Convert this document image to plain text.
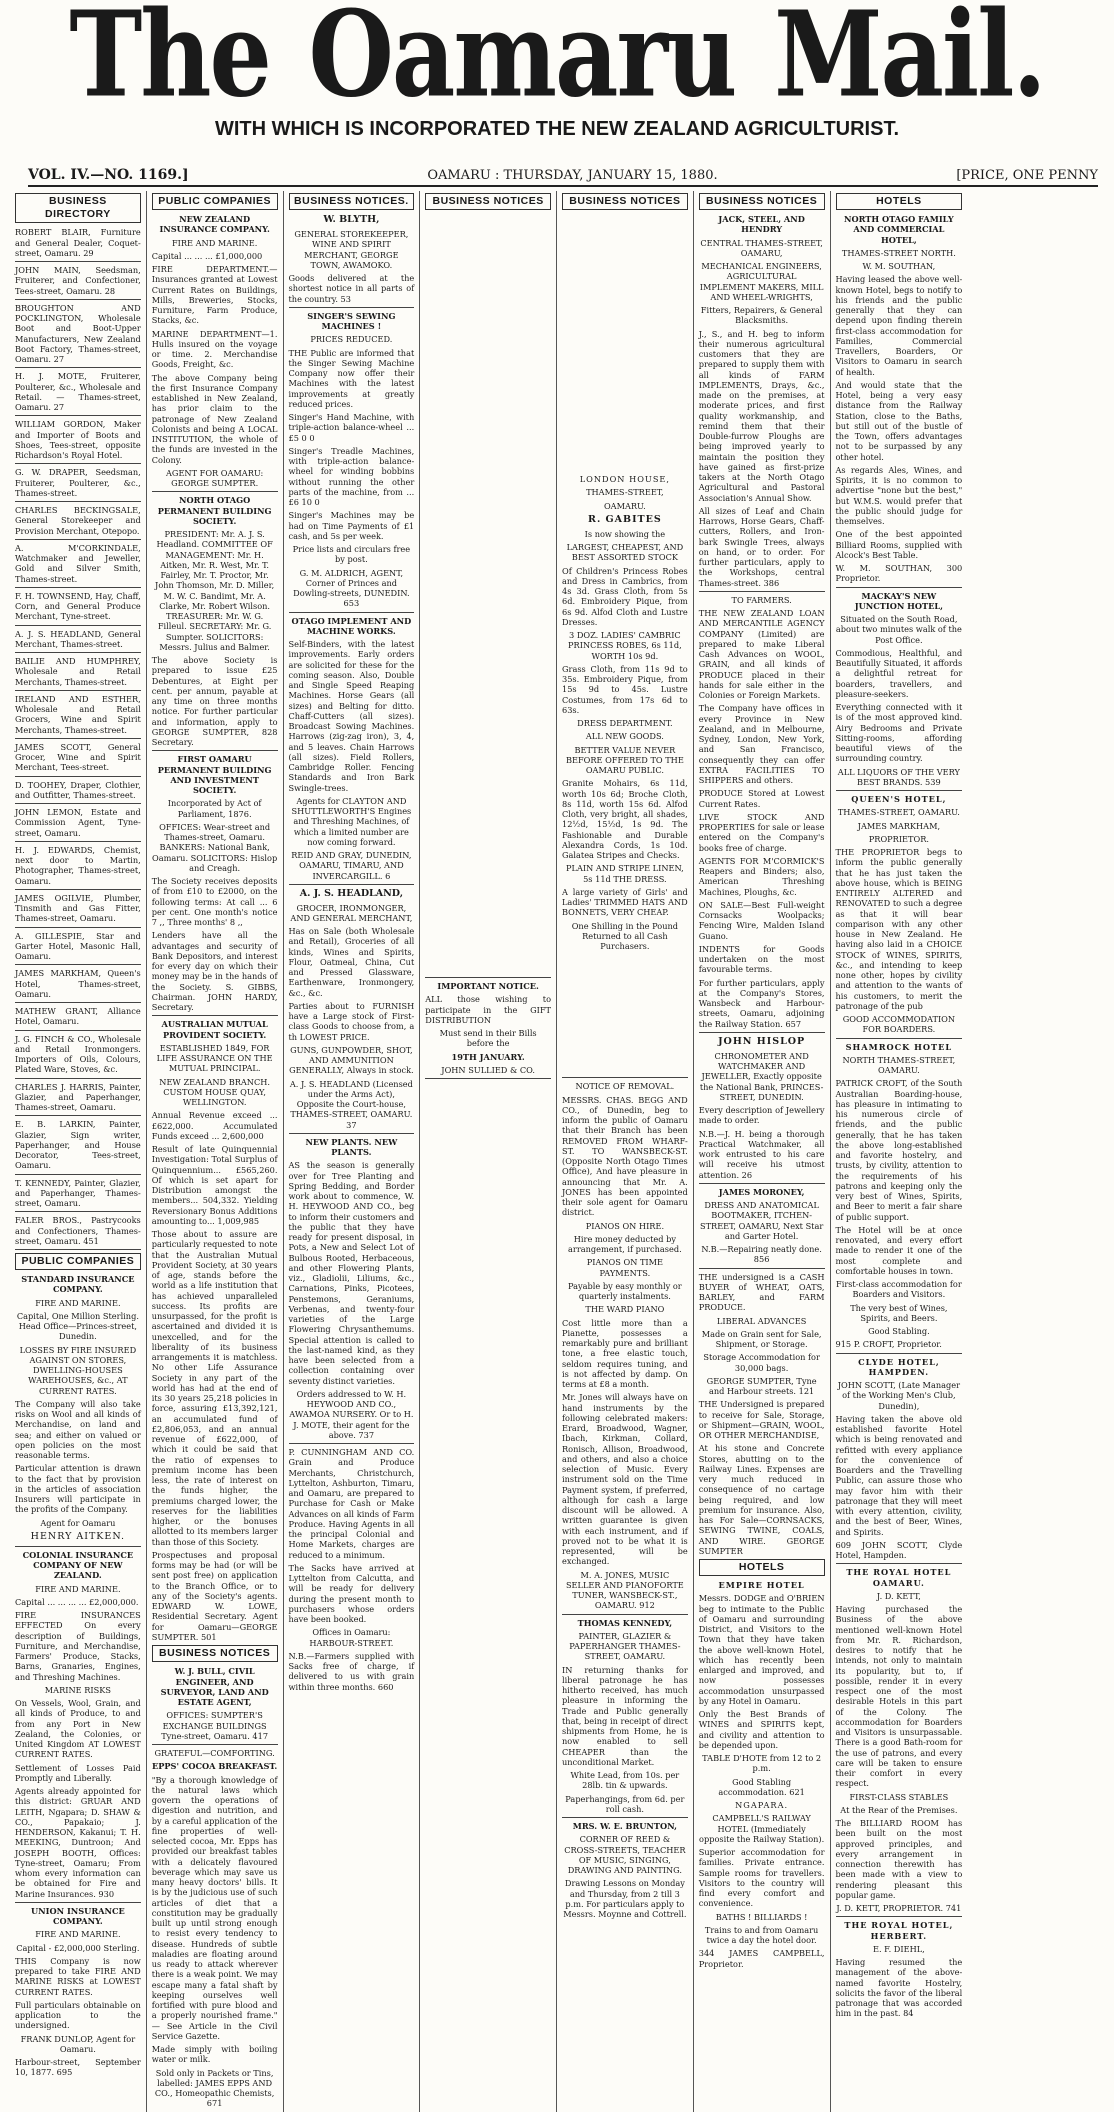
The Oamaru Mail.
WITH WHICH IS INCORPORATED THE NEW ZEALAND AGRICULTURIST.
VOL. IV.—NO. 1169.]	OAMARU : THURSDAY, JANUARY 15, 1880.	[PRICE, ONE PENNY
BUSINESS DIRECTORY
ROBERT BLAIR, Furniture and General Dealer, Coquet-street, Oamaru. 29
JOHN MAIN, Seedsman, Fruiterer, and Confectioner, Tees-street, Oamaru. 28
BROUGHTON AND POCKLINGTON, Wholesale Boot and Boot-Upper Manufacturers, New Zealand Boot Factory, Thames-street, Oamaru. 27
H. J. MOTE, Fruiterer, Poulterer, &c., Wholesale and Retail. — Thames-street, Oamaru. 27
WILLIAM GORDON, Maker and Importer of Boots and Shoes, Tees-street, opposite Richardson's Royal Hotel.
G. W. DRAPER, Seedsman, Fruiterer, Poulterer, &c., Thames-street.
CHARLES BECKINGSALE, General Storekeeper and Provision Merchant, Otepopo.
A. M'CORKINDALE, Watchmaker and Jeweller, Gold and Silver Smith, Thames-street.
F. H. TOWNSEND, Hay, Chaff, Corn, and General Produce Merchant, Tyne-street.
A. J. S. HEADLAND, General Merchant, Thames-street.
BAILIE AND HUMPHREY, Wholesale and Retail Merchants, Thames-street.
IRELAND AND ESTHER, Wholesale and Retail Grocers, Wine and Spirit Merchants, Thames-street.
JAMES SCOTT, General Grocer, Wine and Spirit Merchant, Tees-street.
D. TOOHEY, Draper, Clothier, and Outfitter, Thames-street.
JOHN LEMON, Estate and Commission Agent, Tyne-street, Oamaru.
H. J. EDWARDS, Chemist, next door to Martin, Photographer, Thames-street, Oamaru.
JAMES OGILVIE, Plumber, Tinsmith and Gas Fitter, Thames-street, Oamaru.
A. GILLESPIE, Star and Garter Hotel, Masonic Hall, Oamaru.
JAMES MARKHAM, Queen's Hotel, Thames-street, Oamaru.
MATHEW GRANT, Alliance Hotel, Oamaru.
J. G. FINCH & CO., Wholesale and Retail Ironmongers. Importers of Oils, Colours, Plated Ware, Stoves, &c.
CHARLES J. HARRIS, Painter, Glazier, and Paperhanger, Thames-street, Oamaru.
E. B. LARKIN, Painter, Glazier, Sign writer, Paperhanger, and House Decorator, Tees-street, Oamaru.
T. KENNEDY, Painter, Glazier, and Paperhanger, Thames-street, Oamaru.
FALER BROS., Pastrycooks and Confectioners, Thames-street, Oamaru. 451
PUBLIC COMPANIES
STANDARD INSURANCE COMPANY.
FIRE AND MARINE.
Capital, One Million Sterling. Head Office—Princes-street, Dunedin.
LOSSES BY FIRE INSURED AGAINST ON STORES, DWELLING-HOUSES WAREHOUSES, &c., AT CURRENT RATES.
The Company will also take risks on Wool and all kinds of Merchandise, on land and sea; and either on valued or open policies on the most reasonable terms.
Particular attention is drawn to the fact that by provision in the articles of association Insurers will participate in the profits of the Company.
Agent for Oamaru
HENRY AITKEN.
COLONIAL INSURANCE COMPANY OF NEW ZEALAND.
FIRE AND MARINE.
Capital ... ... ... ... £2,000,000.
FIRE INSURANCES EFFECTED On every description of Buildings, Furniture, and Merchandise, Farmers' Produce, Stacks, Barns, Granaries, Engines, and Threshing Machines.
MARINE RISKS
On Vessels, Wool, Grain, and all kinds of Produce, to and from any Port in New Zealand, the Colonies, or United Kingdom AT LOWEST CURRENT RATES.
Settlement of Losses Paid Promptly and Liberally.
Agents already appointed for this district: GRUAR AND LEITH, Ngapara; D. SHAW & CO., Papakaio; J. HENDERSON, Kakanui; T. H. MEEKING, Duntroon; And JOSEPH BOOTH, Offices: Tyne-street, Oamaru; From whom every information can be obtained for Fire and Marine Insurances. 930
UNION INSURANCE COMPANY.
FIRE AND MARINE.
Capital - £2,000,000 Sterling.
THIS Company is now prepared to take FIRE AND MARINE RISKS at LOWEST CURRENT RATES.
Full particulars obtainable on application to the undersigned.
FRANK DUNLOP, Agent for Oamaru.
Harbour-street, September 10, 1877. 695
PUBLIC COMPANIES
NEW ZEALAND INSURANCE COMPANY.
FIRE AND MARINE.
Capital ... ... ... £1,000,000
FIRE DEPARTMENT.—Insurances granted at Lowest Current Rates on Buildings, Mills, Breweries, Stocks, Furniture, Farm Produce, Stacks, &c.
MARINE DEPARTMENT—1. Hulls insured on the voyage or time. 2. Merchandise Goods, Freight, &c.
The above Company being the first Insurance Company established in New Zealand, has prior claim to the patronage of New Zealand Colonists and being A LOCAL INSTITUTION, the whole of the funds are invested in the Colony.
AGENT FOR OAMARU: GEORGE SUMPTER.
NORTH OTAGO PERMANENT BUILDING SOCIETY.
PRESIDENT: Mr. A. J. S. Headland. COMMITTEE OF MANAGEMENT: Mr. H. Aitken, Mr. R. West, Mr. T. Fairley, Mr. T. Proctor, Mr. John Thomson, Mr. D. Miller, M. W. C. Bandimt, Mr. A. Clarke, Mr. Robert Wilson. TREASURER: Mr. W. G. Filleul. SECRETARY: Mr. G. Sumpter. SOLICITORS: Messrs. Julius and Balmer.
The above Society is prepared to issue £25 Debentures, at Eight per cent. per annum, payable at any time on three months notice. For further particular and information, apply to GEORGE SUMPTER, 828 Secretary.
FIRST OAMARU PERMANENT BUILDING AND INVESTMENT SOCIETY.
Incorporated by Act of Parliament, 1876.
OFFICES: Wear-street and Thames-street, Oamaru. BANKERS: National Bank, Oamaru. SOLICITORS: Hislop and Creagh.
The Society receives deposits of from £10 to £2000, on the following terms: At call ... 6 per cent. One month's notice 7 ,, Three months' 8 ,,
Lenders have all the advantages and security of Bank Depositors, and interest for every day on which their money may be in the hands of the Society. S. GIBBS, Chairman. JOHN HARDY, Secretary.
AUSTRALIAN MUTUAL PROVIDENT SOCIETY.
ESTABLISHED 1849, FOR LIFE ASSURANCE ON THE MUTUAL PRINCIPAL.
NEW ZEALAND BRANCH. CUSTOM HOUSE QUAY, WELLINGTON.
Annual Revenue exceed ... £622,000. Accumulated Funds exceed ... 2,600,000
Result of late Quinquennial Investigation: Total Surplus of Quinquennium... £565,260. Of which is set apart for Distribution amongst the members... 504,332. Yielding Reversionary Bonus Additions amounting to... 1,009,985
Those about to assure are particularly requested to note that the Australian Mutual Provident Society, at 30 years of age, stands before the world as a life institution that has achieved unparalleled success. Its profits are unsurpassed, for the profit is ascertained and divided it is unexcelled, and for the liberality of its business arrangements it is matchless. No other Life Assurance Society in any part of the world has had at the end of its 30 years 25,218 policies in force, assuring £13,392,121, an accumulated fund of £2,806,053, and an annual revenue of £622,000, of which it could be said that the ratio of expenses to premium income has been less, the rate of interest on the funds higher, the premiums charged lower, the reserves for the liabilities higher, or the bonuses allotted to its members larger than those of this Society.
Prospectuses and proposal forms may be had (or will be sent post free) on application to the Branch Office, or to any of the Society's agents. EDWARD W. LOWE, Residential Secretary. Agent for Oamaru—GEORGE SUMPTER. 501
BUSINESS NOTICES
W. J. BULL, CIVIL ENGINEER, AND SURVEYOR, LAND AND ESTATE AGENT,
OFFICES: SUMPTER'S EXCHANGE BUILDINGS Tyne-street, Oamaru. 417
GRATEFUL—COMFORTING.
EPPS' COCOA BREAKFAST.
"By a thorough knowledge of the natural laws which govern the operations of digestion and nutrition, and by a careful application of the fine properties of well-selected cocoa, Mr. Epps has provided our breakfast tables with a delicately flavoured beverage which may save us many heavy doctors' bills. It is by the judicious use of such articles of diet that a constitution may be gradually built up until strong enough to resist every tendency to disease. Hundreds of subtle maladies are floating around us ready to attack wherever there is a weak point. We may escape many a fatal shaft by keeping ourselves well fortified with pure blood and a properly nourished frame." — See Article in the Civil Service Gazette.
Made simply with boiling water or milk.
Sold only in Packets or Tins, labelled: JAMES EPPS AND CO., Homeopathic Chemists, 671
BUSINESS NOTICES.
W. BLYTH,
GENERAL STOREKEEPER, WINE AND SPIRIT MERCHANT, GEORGE TOWN, AWAMOKO.
Goods delivered at the shortest notice in all parts of the country. 53
SINGER'S SEWING MACHINES !
PRICES REDUCED.
THE Public are informed that the Singer Sewing Machine Company now offer their Machines with the latest improvements at greatly reduced prices.
Singer's Hand Machine, with triple-action balance-wheel ... £5 0 0
Singer's Treadle Machines, with triple-action balance-wheel for winding bobbins without running the other parts of the machine, from ... £6 10 0
Singer's Machines may be had on Time Payments of £1 cash, and 5s per week.
Price lists and circulars free by post.
G. M. ALDRICH, AGENT, Corner of Princes and Dowling-streets, DUNEDIN. 653
OTAGO IMPLEMENT AND MACHINE WORKS.
Self-Binders, with the latest improvements. Early orders are solicited for these for the coming season. Also, Double and Single Speed Reaping Machines. Horse Gears (all sizes) and Belting for ditto. Chaff-Cutters (all sizes). Broadcast Sowing Machines. Harrows (zig-zag iron), 3, 4, and 5 leaves. Chain Harrows (all sizes). Field Rollers, Cambridge Roller. Fencing Standards and Iron Bark Swingle-trees.
Agents for CLAYTON AND SHUTTLEWORTH'S Engines and Threshing Machines, of which a limited number are now coming forward.
REID AND GRAY, DUNEDIN, OAMARU, TIMARU, AND INVERCARGILL. 6
A. J. S. HEADLAND,
GROCER, IRONMONGER, AND GENERAL MERCHANT,
Has on Sale (both Wholesale and Retail), Groceries of all kinds, Wines and Spirits, Flour, Oatmeal, China, Cut and Pressed Glassware, Earthenware, Ironmongery, &c., &c.
Parties about to FURNISH have a Large stock of First-class Goods to choose from, a th LOWEST PRICE.
GUNS, GUNPOWDER, SHOT, AND AMMUNITION GENERALLY, Always in stock.
A. J. S. HEADLAND (Licensed under the Arms Act), Opposite the Court-house, THAMES-STREET, OAMARU. 37
NEW PLANTS. NEW PLANTS.
AS the season is generally over for Tree Planting and Spring Bedding, and Border work about to commence, W. H. HEYWOOD AND CO., beg to inform their customers and the public that they have ready for present disposal, in Pots, a New and Select Lot of Bulbous Rooted, Herbaceous, and other Flowering Plants, viz., Gladiolii, Liliums, &c., Carnations, Pinks, Picotees, Penstemons, Geraniums, Verbenas, and twenty-four varieties of the Large Flowering Chrysanthemums. Special attention is called to the last-named kind, as they have been selected from a collection containing over seventy distinct varieties.
Orders addressed to W. H. HEYWOOD AND CO., AWAMOA NURSERY. Or to H. J. MOTE, their agent for the above. 737
P. CUNNINGHAM AND CO. Grain and Produce Merchants, Christchurch, Lyttelton, Ashburton, Timaru, and Oamaru, are prepared to Purchase for Cash or Make Advances on all kinds of Farm Produce. Having Agents in all the principal Colonial and Home Markets, charges are reduced to a minimum.
The Sacks have arrived at Lyttelton from Calcutta, and will be ready for delivery during the present month to purchasers whose orders have been booked.
Offices in Oamaru: HARBOUR-STREET.
N.B.—Farmers supplied with Sacks free of charge, if delivered to us with grain within three months. 660
BUSINESS NOTICES
IMPORTANT NOTICE.
ALL those wishing to participate in the GIFT DISTRIBUTION
Must send in their Bills before the
19TH JANUARY.
JOHN SULLIED & CO.
BUSINESS NOTICES
LONDON HOUSE,
THAMES-STREET,
OAMARU.
R. GABITES
Is now showing the
LARGEST, CHEAPEST, AND BEST ASSORTED STOCK
Of Children's Princess Robes and Dress in Cambrics, from 4s 3d. Grass Cloth, from 5s 6d. Embroidery Pique, from 6s 9d. Alfod Cloth and Lustre Dresses.
3 DOZ. LADIES' CAMBRIC PRINCESS ROBES, 6s 11d, WORTH 10s 9d.
Grass Cloth, from 11s 9d to 35s. Embroidery Pique, from 15s 9d to 45s. Lustre Costumes, from 17s 6d to 63s.
DRESS DEPARTMENT.
ALL NEW GOODS.
BETTER VALUE NEVER BEFORE OFFERED TO THE OAMARU PUBLIC.
Granite Mohairs, 6s 11d, worth 10s 6d; Broche Cloth, 8s 11d, worth 15s 6d. Alfod Cloth, very bright, all shades, 12½d, 15½d, 1s 9d. The Fashionable and Durable Alexandra Cords, 1s 10d. Galatea Stripes and Checks.
PLAIN AND STRIPE LINEN, 5s 11d THE DRESS.
A large variety of Girls' and Ladies' TRIMMED HATS AND BONNETS, VERY CHEAP.
One Shilling in the Pound Returned to all Cash Purchasers.
NOTICE OF REMOVAL.
MESSRS. CHAS. BEGG AND CO., of Dunedin, beg to inform the public of Oamaru that their Branch has been REMOVED FROM WHARF-ST. TO WANSBECK-ST. (Opposite North Otago Times Office), And have pleasure in announcing that Mr. A. JONES has been appointed their sole agent for Oamaru district.
PIANOS ON HIRE.
Hire money deducted by arrangement, if purchased.
PIANOS ON TIME PAYMENTS.
Payable by easy monthly or quarterly instalments.
THE WARD PIANO
Cost little more than a Pianette, possesses a remarkably pure and brilliant tone, a free elastic touch, seldom requires tuning, and is not affected by damp. On terms at £8 a month.
Mr. Jones will always have on hand instruments by the following celebrated makers: Erard, Broadwood, Wagner, Ibach, Kirkman, Collard, Ronisch, Allison, Broadwood, and others, and also a choice selection of Music. Every instrument sold on the Time Payment system, if preferred, although for cash a large discount will be allowed. A written guarantee is given with each instrument, and if proved not to be what it is represented, will be exchanged.
M. A. JONES, MUSIC SELLER AND PIANOFORTE TUNER, WANSBECK-ST., OAMARU. 912
THOMAS KENNEDY,
PAINTER, GLAZIER & PAPERHANGER THAMES-STREET, OAMARU.
IN returning thanks for liberal patronage he has hitherto received, has much pleasure in informing the Trade and Public generally that, being in receipt of direct shipments from Home, he is now enabled to sell CHEAPER than the unconditional Market.
White Lead, from 10s. per 28lb. tin & upwards.
Paperhangings, from 6d. per roll cash.
MRS. W. E. BRUNTON,
CORNER OF REED & CROSS-STREETS, TEACHER OF MUSIC, SINGING, DRAWING AND PAINTING.
Drawing Lessons on Monday and Thursday, from 2 till 3 p.m. For particulars apply to Messrs. Moynne and Cottrell.
BUSINESS NOTICES
JACK, STEEL, AND HENDRY
CENTRAL THAMES-STREET, OAMARU,
MECHANICAL ENGINEERS, AGRICULTURAL IMPLEMENT MAKERS, MILL AND WHEEL-WRIGHTS,
Fitters, Repairers, & General Blacksmiths.
J., S., and H. beg to inform their numerous agricultural customers that they are prepared to supply them with all kinds of FARM IMPLEMENTS, Drays, &c., made on the premises, at moderate prices, and first quality workmanship, and remind them that their Double-furrow Ploughs are being improved yearly to maintain the position they have gained as first-prize takers at the North Otago Agricultural and Pastoral Association's Annual Show.
All sizes of Leaf and Chain Harrows, Horse Gears, Chaff-cutters, Rollers, and Iron-bark Swingle Trees, always on hand, or to order. For further particulars, apply to the Workshops, central Thames-street. 386
TO FARMERS.
THE NEW ZEALAND LOAN AND MERCANTILE AGENCY COMPANY (Limited) are prepared to make Liberal Cash Advances on WOOL, GRAIN, and all kinds of PRODUCE placed in their hands for sale either in the Colonies or Foreign Markets.
The Company have offices in every Province in New Zealand, and in Melbourne, Sydney, London, New York, and San Francisco, consequently they can offer EXTRA FACILITIES TO SHIPPERS and others.
PRODUCE Stored at Lowest Current Rates.
LIVE STOCK AND PROPERTIES for sale or lease entered on the Company's books free of charge.
AGENTS FOR M'CORMICK'S Reapers and Binders; also, American Threshing Machines, Ploughs, &c.
ON SALE—Best Full-weight Cornsacks Woolpacks; Fencing Wire, Malden Island Guano.
INDENTS for Goods undertaken on the most favourable terms.
For further particulars, apply at the Company's Stores, Wansbeck and Harbour-streets, Oamaru, adjoining the Railway Station. 657
JOHN HISLOP
CHRONOMETER AND WATCHMAKER AND JEWELLER, Exactly opposite the National Bank, PRINCES-STREET, DUNEDIN.
Every description of Jewellery made to order.
N.B.—J. H. being a thorough Practical Watchmaker, all work entrusted to his care will receive his utmost attention. 26
JAMES MORONEY,
DRESS AND ANATOMICAL BOOTMAKER, ITCHEN-STREET, OAMARU, Next Star and Garter Hotel.
N.B.—Repairing neatly done. 856
THE undersigned is a CASH BUYER of WHEAT, OATS, BARLEY, and FARM PRODUCE.
LIBERAL ADVANCES
Made on Grain sent for Sale, Shipment, or Storage.
Storage Accommodation for 30,000 bags.
GEORGE SUMPTER, Tyne and Harbour streets. 121
THE Undersigned is prepared to receive for Sale, Storage, or Shipment—GRAIN, WOOL, OR OTHER MERCHANDISE,
At his stone and Concrete Stores, abutting on to the Railway Lines. Expenses are very much reduced in consequence of no cartage being required, and low premium for insurance. Also, has For Sale—CORNSACKS, SEWING TWINE, COALS, AND WIRE. GEORGE SUMPTER
HOTELS
EMPIRE HOTEL
Messrs. DODGE and O'BRIEN beg to intimate to the Public of Oamaru and surrounding District, and Visitors to the Town that they have taken the above well-known Hotel, which has recently been enlarged and improved, and now possesses accommodation unsurpassed by any Hotel in Oamaru.
Only the Best Brands of WINES and SPIRITS kept, and civility and attention to be depended upon.
TABLE D'HOTE from 12 to 2 p.m.
Good Stabling accommodation. 621
NGAPARA.
CAMPBELL'S RAILWAY HOTEL (Immediately opposite the Railway Station).
Superior accommodation for families. Private entrance. Sample rooms for travellers. Visitors to the country will find every comfort and convenience.
BATHS ! BILLIARDS !
Trains to and from Oamaru twice a day the hotel door.
344 JAMES CAMPBELL, Proprietor.
HOTELS
NORTH OTAGO FAMILY AND COMMERCIAL HOTEL,
THAMES-STREET NORTH.
W. M. SOUTHAN,
Having leased the above well-known Hotel, begs to notify to his friends and the public generally that they can depend upon finding therein first-class accommodation for Families, Commercial Travellers, Boarders, Or Visitors to Oamaru in search of health.
And would state that the Hotel, being a very easy distance from the Railway Station, close to the Baths, but still out of the bustle of the Town, offers advantages not to be surpassed by any other hotel.
As regards Ales, Wines, and Spirits, it is no common to advertise "none but the best," but W.M.S. would prefer that the public should judge for themselves.
One of the best appointed Billiard Rooms, supplied with Alcock's Best Table.
W. M. SOUTHAN, 300 Proprietor.
MACKAY'S NEW JUNCTION HOTEL,
Situated on the South Road, about two minutes walk of the Post Office.
Commodious, Healthful, and Beautifully Situated, it affords a delightful retreat for boarders, travellers, and pleasure-seekers.
Everything connected with it is of the most approved kind. Airy Bedrooms and Private Sitting-rooms, affording beautiful views of the surrounding country.
ALL LIQUORS OF THE VERY BEST BRANDS. 539
QUEEN'S HOTEL,
THAMES-STREET, OAMARU.
JAMES MARKHAM,
PROPRIETOR.
THE PROPRIETOR begs to inform the public generally that he has just taken the above house, which is BEING ENTIRELY ALTERED and RENOVATED to such a degree as that it will bear comparison with any other house in New Zealand. He having also laid in a CHOICE STOCK of WINES, SPIRITS, &c., and intending to keep none other, hopes by civility and attention to the wants of his customers, to merit the patronage of the pub
GOOD ACCOMMODATION FOR BOARDERS.
SHAMROCK HOTEL
NORTH THAMES-STREET, OAMARU.
PATRICK CROFT, of the South Australian Boarding-house, has pleasure in intimating to his numerous circle of friends, and the public generally, that he has taken the above long-established and favorite hostelry, and trusts, by civility, attention to the requirements of his patrons and keeping only the very best of Wines, Spirits, and Beer to merit a fair share of public support.
The Hotel will be at once renovated, and every effort made to render it one of the most complete and comfortable houses in town.
First-class accommodation for Boarders and Visitors.
The very best of Wines, Spirits, and Beers.
Good Stabling.
915 P. CROFT, Proprietor.
CLYDE HOTEL, HAMPDEN.
JOHN SCOTT, (Late Manager of the Working Men's Club, Dunedin),
Having taken the above old established favorite Hotel which is being renovated and refitted with every appliance for the convenience of Boarders and the Travelling Public, can assure those who may favor him with their patronage that they will meet with every attention, civility, and the best of Beer, Wines, and Spirits.
609 JOHN SCOTT, Clyde Hotel, Hampden.
THE ROYAL HOTEL OAMARU.
J. D. KETT,
Having purchased the Business of the above mentioned well-known Hotel from Mr. R. Richardson, desires to notify that he intends, not only to maintain its popularity, but to, if possible, render it in every respect one of the most desirable Hotels in this part of the Colony. The accommodation for Boarders and Visitors is unsurpassable. There is a good Bath-room for the use of patrons, and every care will be taken to ensure their comfort in every respect.
FIRST-CLASS STABLES
At the Rear of the Premises.
The BILLIARD ROOM has been built on the most approved principles, and every arrangement in connection therewith has been made with a view to rendering pleasant this popular game.
J. D. KETT, PROPRIETOR. 741
THE ROYAL HOTEL, HERBERT.
E. F. DIEHL,
Having resumed the management of the above-named favorite Hostelry, solicits the favor of the liberal patronage that was accorded him in the past. 84
